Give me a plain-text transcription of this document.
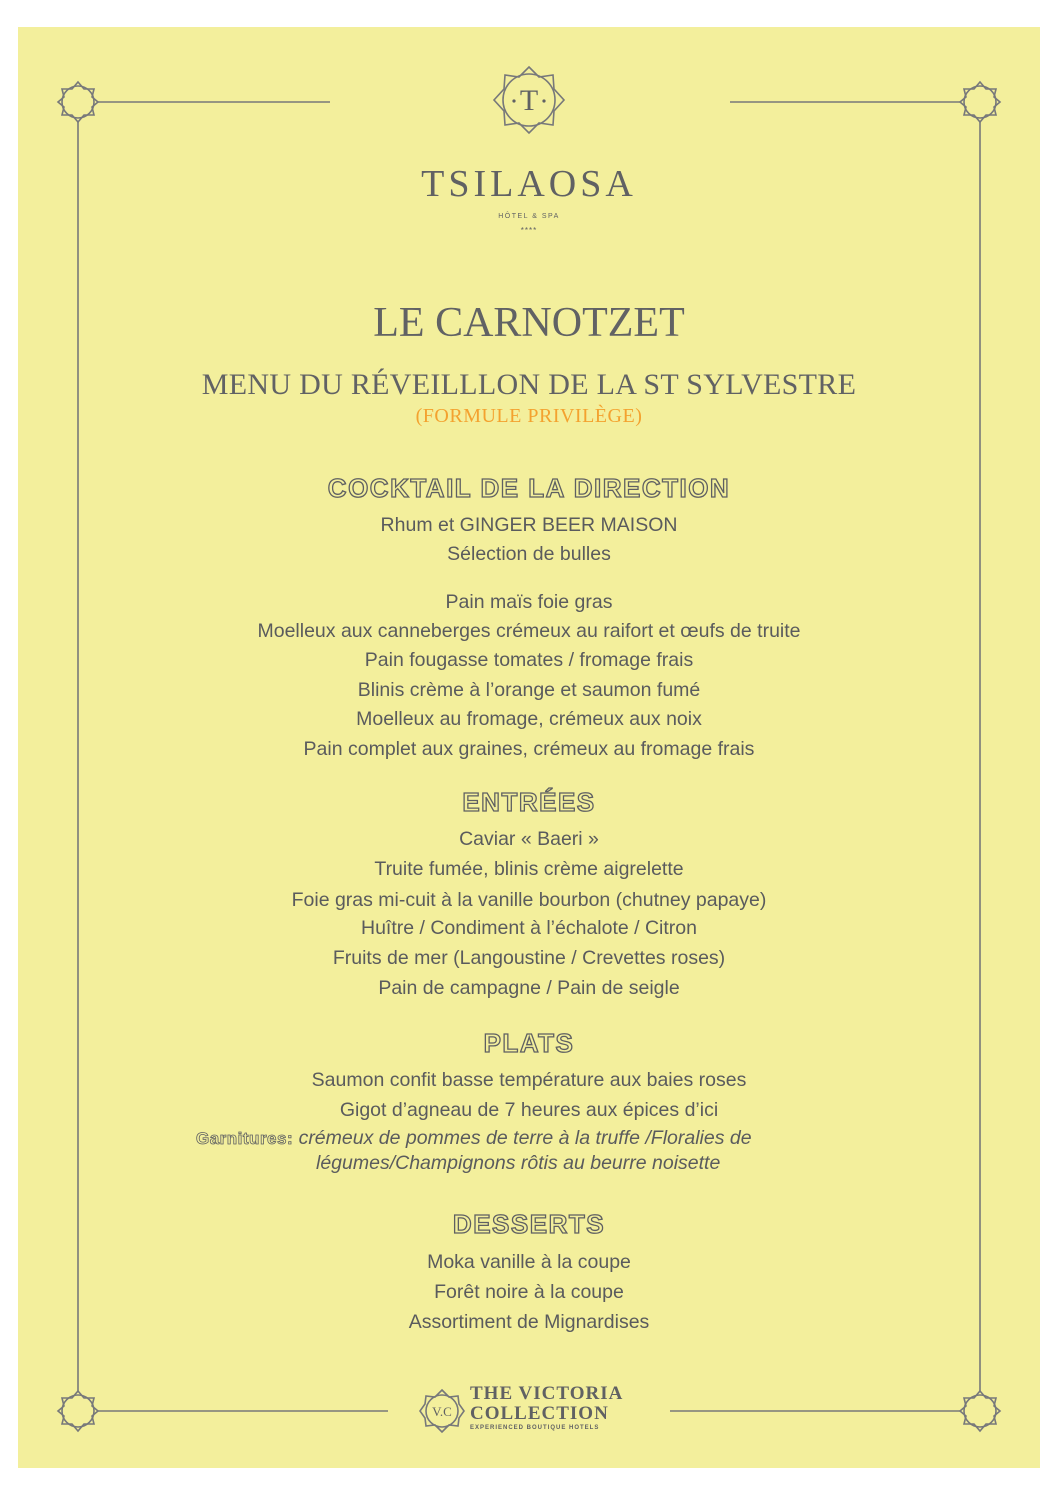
T
V.C
TSILAOSA
HÔTEL & SPA
****
LE CARNOTZET
MENU DU RÉVEILLLON DE LA ST SYLVESTRE
(FORMULE PRIVILÈGE)
COCKTAIL DE LA DIRECTION
Rhum et GINGER BEER MAISON
Sélection de bulles
Pain maïs foie gras
Moelleux aux canneberges crémeux au raifort et œufs de truite
Pain fougasse tomates / fromage frais
Blinis crème à l’orange et saumon fumé
Moelleux au fromage, crémeux aux noix
Pain complet aux graines, crémeux au fromage frais
ENTRÉES
Caviar « Baeri »
Truite fumée, blinis crème aigrelette
Foie gras mi-cuit à la vanille bourbon (chutney papaye)
Huître / Condiment à l’échalote / Citron
Fruits de mer (Langoustine / Crevettes roses)
Pain de campagne / Pain de seigle
PLATS
Saumon confit basse température aux baies roses
Gigot d’agneau de 7 heures aux épices d’ici
Garnitures: crémeux de pommes de terre à la truffe /Floralies de
légumes/Champignons rôtis au beurre noisette
DESSERTS
Moka vanille à la coupe
Forêt noire à la coupe
Assortiment de Mignardises
THE VICTORIA
COLLECTION
EXPERIENCED BOUTIQUE HOTELS
